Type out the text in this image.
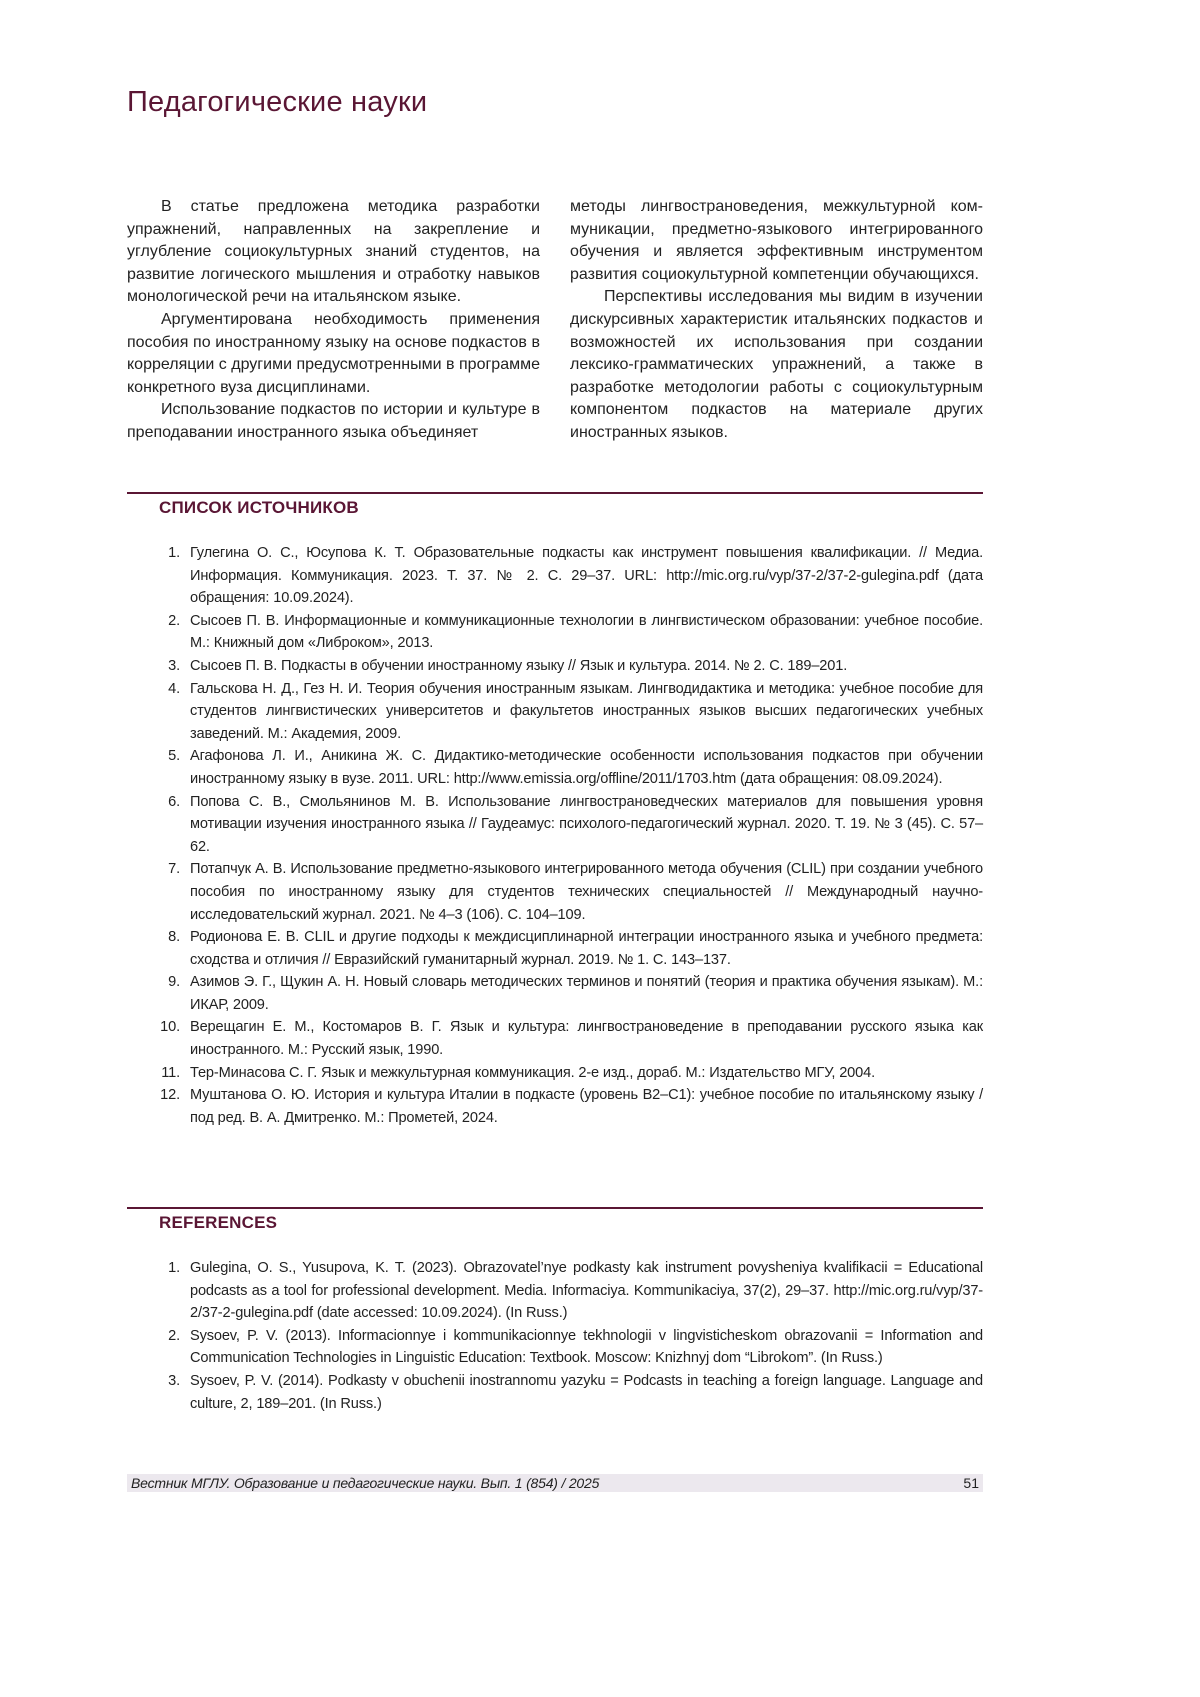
Педагогические науки

В статье предложена методика разработ­ки упражнений, направленных на закрепление и углубление социокультурных знаний студентов, на развитие логического мышления и отработку навыков монологической речи на итальянском языке.

Аргументирована необходимость применения пособия по иностранному языку на основе подка­стов в корреляции с другими предусмотренными в программе конкретного вуза дисциплинами.

Использование подкастов по истории и культу­ре в преподавании иностранного языка объединяет

методы лингвострановедения, межкультурной ком­муникации, предметно-языкового интегрирован­ного обучения и является эффективным инстру­ментом развития социокультурной компетенции обучающихся.

Перспективы исследования мы видим в изу­чении дискурсивных характеристик итальянских подкастов и возможностей их использования при создании лексико-грамматических упражнений, а также в разработке методологии работы с социо­культурным компонентом подкастов на материале других иностранных языков.

СПИСОК ИСТОЧНИКОВ
1. Гулегина О. С., Юсупова К. Т. Образовательные подкасты как инструмент повышения квалификации. // Ме­диа. Информация. Коммуникация. 2023. Т. 37. № 2. С. 29–37. URL: http://mic.org.ru/vyp/37-2/37-2-gulegina.pdf (дата обращения: 10.09.2024).
2. Сысоев П. В. Информационные и коммуникационные технологии в лингвистическом образовании: учебное пособие. М.: Книжный дом «Либроком», 2013.
3. Сысоев П. В. Подкасты в обучении иностранному языку // Язык и культура. 2014. № 2. С. 189–201.
4. Гальскова Н. Д., Гез Н. И. Теория обучения иностранным языкам. Лингводидактика и методика: учебное посо­бие для студентов лингвистических университетов и факультетов иностранных языков высших педагогиче­ских учебных заведений. М.: Академия, 2009.
5. Агафонова Л. И., Аникина Ж. С. Дидактико-методические особенности использования подкастов при обуче­нии иностранному языку в вузе. 2011. URL: http://www.emissia.org/offline/2011/1703.htm (дата обращения: 08.09.2024).
6. Попова С. В., Смольянинов М. В. Использование лингвострановедческих материалов для повышения уров­ня мотивации изучения иностранного языка // Гаудеамус: психолого-педагогический журнал. 2020. Т. 19. № 3 (45). С. 57–62.
7. Потапчук А. В. Использование предметно-языкового интегрированного метода обучения (CLIL) при созда­нии учебного пособия по иностранному языку для студентов технических специальностей // Международ­ный научно-исследовательский журнал. 2021. № 4–3 (106). С. 104–109.
8. Родионова Е. В. CLIL и другие подходы к междисциплинарной интеграции иностранного языка и учебного предмета: сходства и отличия // Евразийский гуманитарный журнал. 2019. № 1. С. 143–137.
9. Азимов Э. Г., Щукин А. Н. Новый словарь методических терминов и понятий (теория и практика обучения языкам). М.: ИКАР, 2009.
10. Верещагин Е. М., Костомаров В. Г. Язык и культура: лингвострановедение в преподавании русского языка как иностранного. М.: Русский язык, 1990.
11. Тер-Минасова С. Г. Язык и межкультурная коммуникация. 2-е изд., дораб. М.: Издательство МГУ, 2004.
12. Муштанова О. Ю. История и культура Италии в подкасте (уровень B2–C1): учебное пособие по итальянскому языку / под ред. В. А. Дмитренко. М.: Прометей, 2024.
REFERENCES
1. Gulegina, O. S., Yusupova, K. T. (2023). Obrazovatel’nye podkasty kak instrument povysheniya kvalifikacii = Educa­tional podcasts as a tool for professional development. Media. Informaciya. Kommunikaciya, 37(2), 29–37. http://mic.org.ru/vyp/37-2/37-2-gulegina.pdf (date accessed: 10.09.2024). (In Russ.)
2. Sysoev, P. V. (2013). Informacionnye i kommunikacionnye tekhnologii v lingvisticheskom obrazovanii = Information and Communication Technologies in Linguistic Education: Textbook. Moscow: Knizhnyj dom “Librokom”. (In Russ.)
3. Sysoev, P. V. (2014). Podkasty v obuchenii inostrannomu yazyku = Podcasts in teaching a foreign language. Lan­guage and culture, 2, 189–201. (In Russ.)
Вестник МГЛУ. Образование и педагогические науки. Вып. 1 (854) / 2025	51
